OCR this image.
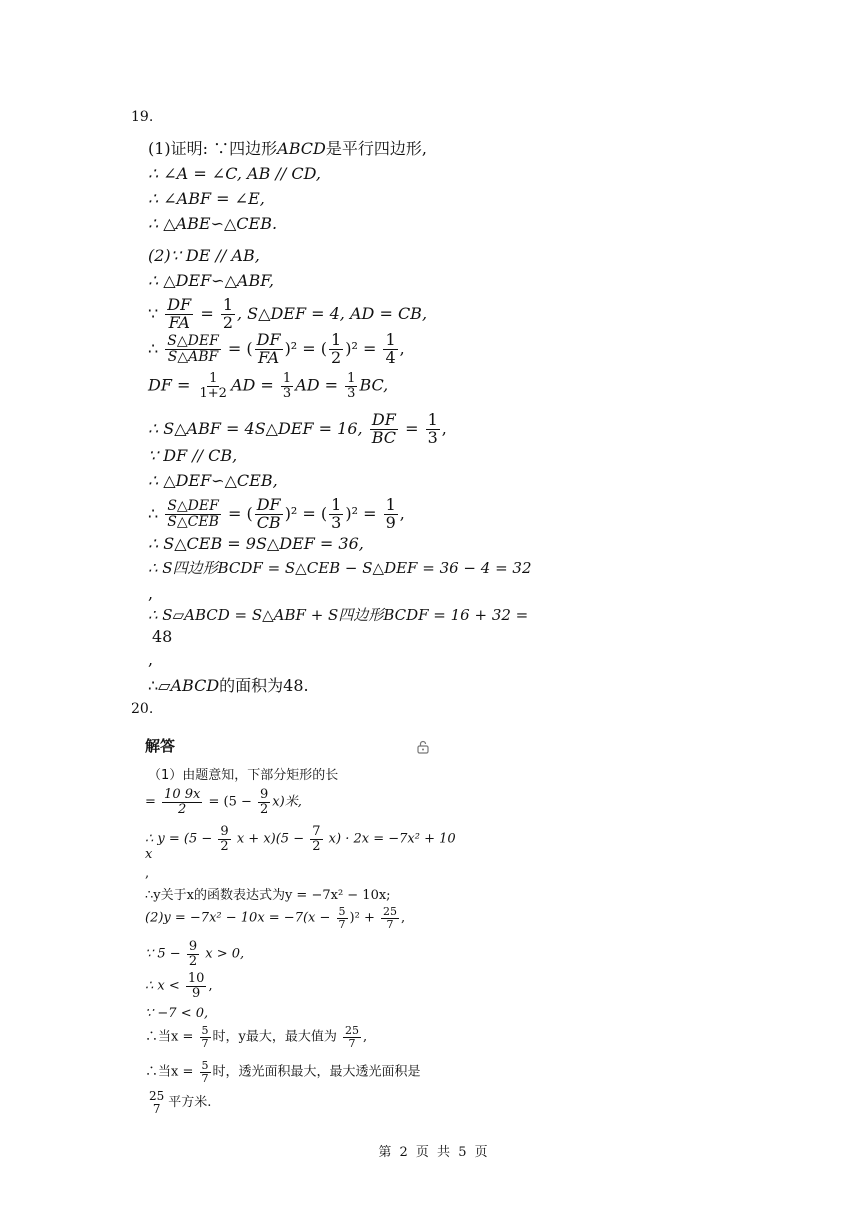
19.
(1)证明: ∵四边形ABCD是平行四边形,
∴ ∠A = ∠C, AB // CD,
∴ ∠ABF = ∠E,
∴ △ABE∽△CEB.
(2)∵ DE // AB,
∴ △DEF∽△ABF,
∵ $\frac{DF}{FA} = \frac{1}{2}$ , S△DEF = 4, AD = CB,
∴ $\frac{\text{S△DEF}}{\text{S△ABF}}$ = ( $\frac{DF}{FA} )^2$ = ( $\frac{1}{2} )^2 = \frac{1}{4}$ ,
DF = $\frac{1}{1+2}$ AD = $\frac{1}{3}$ AD = $\frac{1}{3}$ BC,
∴ S△ABF = 4S△DEF = 16, $\frac{DF}{BC} = \frac{1}{3}$ ,
∵ DF // CB,
∴ △DEF∽△CEB,
∴ $\frac{\text{S△DEF}}{\text{S△CEB}}$ = ( $\frac{DF}{CB} )^2$ = ( $\frac{1}{3} )^2 = \frac{1}{9}$ ,
∴ S△CEB = 9S△DEF = 36,
∴ S四边形BCDF = S△CEB − S△DEF = 36 − 4 = 32
,
∴ S▱ABCD = S△ABF + S四边形BCDF = 16 + 32 =
48
,
∴▱ABCD的面积为48.
20.
解答
（1）由题意知，下部分矩形的长
= $\frac{10 9x}{2} = (5 - \frac{9}{2} x)$米,
∴ $y = (5 - \frac{9}{2}$ $x + x)(5 - \frac{7}{2} x) \cdot 2x = -7x^2 + 10$
x
,
∴y关于x的函数表达式为y = −7x² − 10x;
$(2)y = -7x^2 - 10x = -7(x - \frac{5}{7} )^2 + \frac{25}{7}$ ,
∵ $5 - \frac{9}{2}$ x > 0,
∴ $x < \frac{10}{9}$ ,
∵ −7 < 0,
∴当$x = \frac{5}{7}$ 时，y最大，最大值为 $\frac{25}{7}$ ,
∴当$x = \frac{5}{7}$ 时，透光面积最大，最大透光面积是
25
7 平方米.
第 2 页 共 5 页
